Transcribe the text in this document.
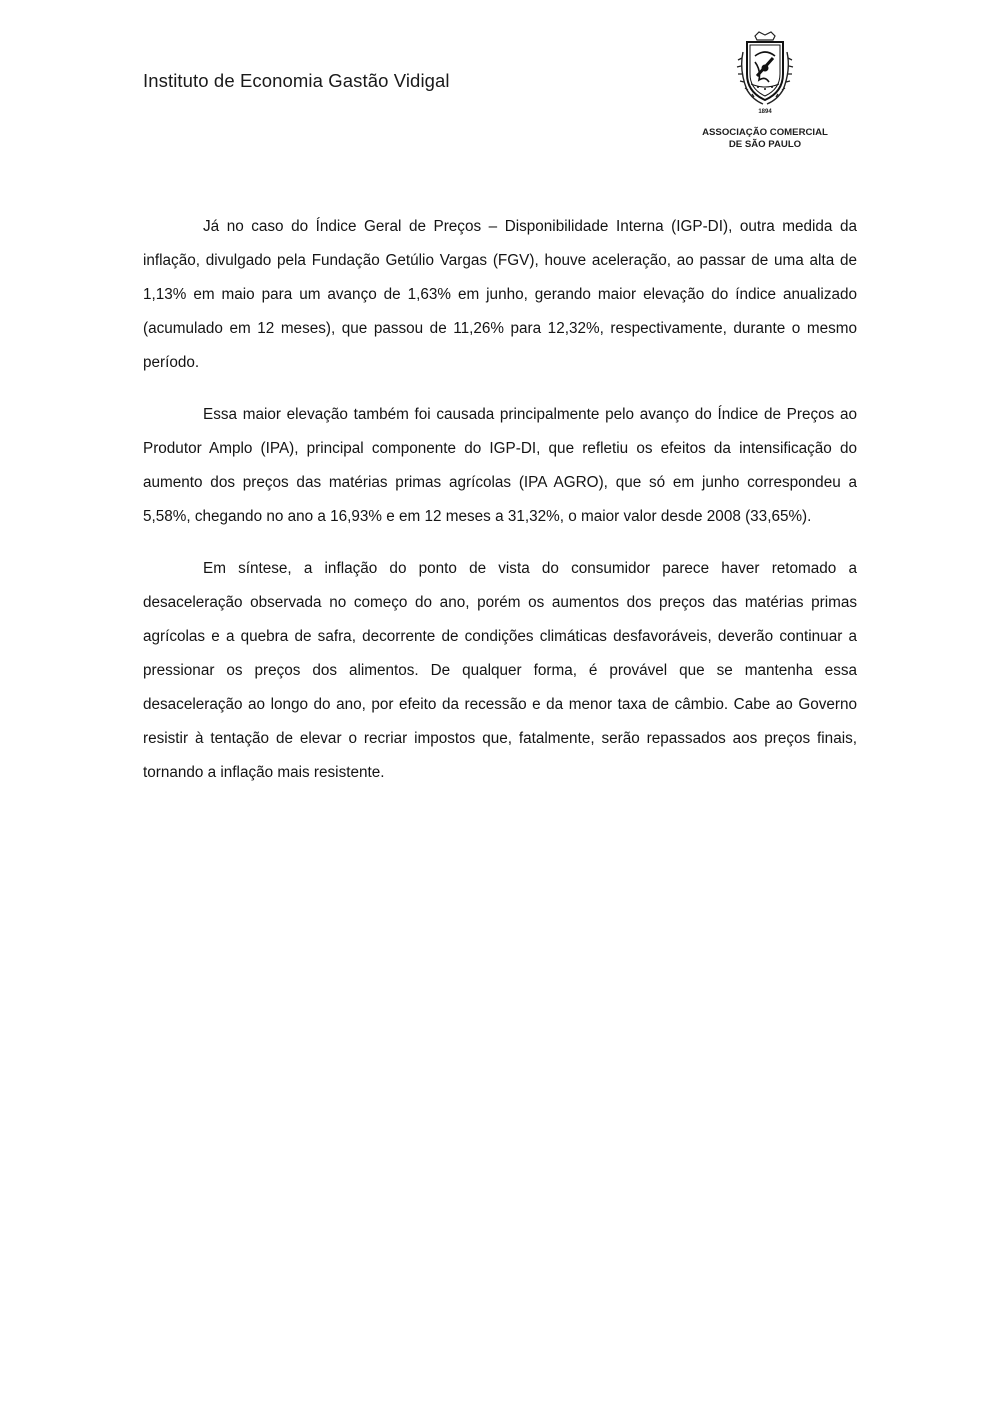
Instituto de Economia Gastão Vidigal
1894
ASSOCIAÇÃO COMERCIAL
DE SÃO PAULO

Já no caso do Índice Geral de Preços – Disponibilidade Interna (IGP-DI), outra medida da inflação, divulgado pela Fundação Getúlio Vargas (FGV), houve aceleração, ao passar de uma alta de 1,13% em maio para um avanço de 1,63% em junho, gerando maior elevação do índice anualizado (acumulado em 12 meses), que passou de 11,26% para 12,32%, respectivamente, durante o mesmo período.

Essa maior elevação também foi causada principalmente pelo avanço do Índice de Preços ao Produtor Amplo (IPA), principal componente do IGP-DI, que refletiu os efeitos da intensificação do aumento dos preços das matérias primas agrícolas (IPA AGRO), que só em junho correspondeu a 5,58%, chegando no ano a 16,93% e em 12 meses a 31,32%, o maior valor desde 2008 (33,65%).

Em síntese, a inflação do ponto de vista do consumidor parece haver retomado a desaceleração observada no começo do ano, porém os aumentos dos preços das matérias primas agrícolas e a quebra de safra, decorrente de condições climáticas desfavoráveis, deverão continuar a pressionar os preços dos alimentos. De qualquer forma, é provável que se mantenha essa desaceleração ao longo do ano, por efeito da recessão e da menor taxa de câmbio. Cabe ao Governo resistir à tentação de elevar o recriar impostos que, fatalmente, serão repassados aos preços finais, tornando a inflação mais resistente.
